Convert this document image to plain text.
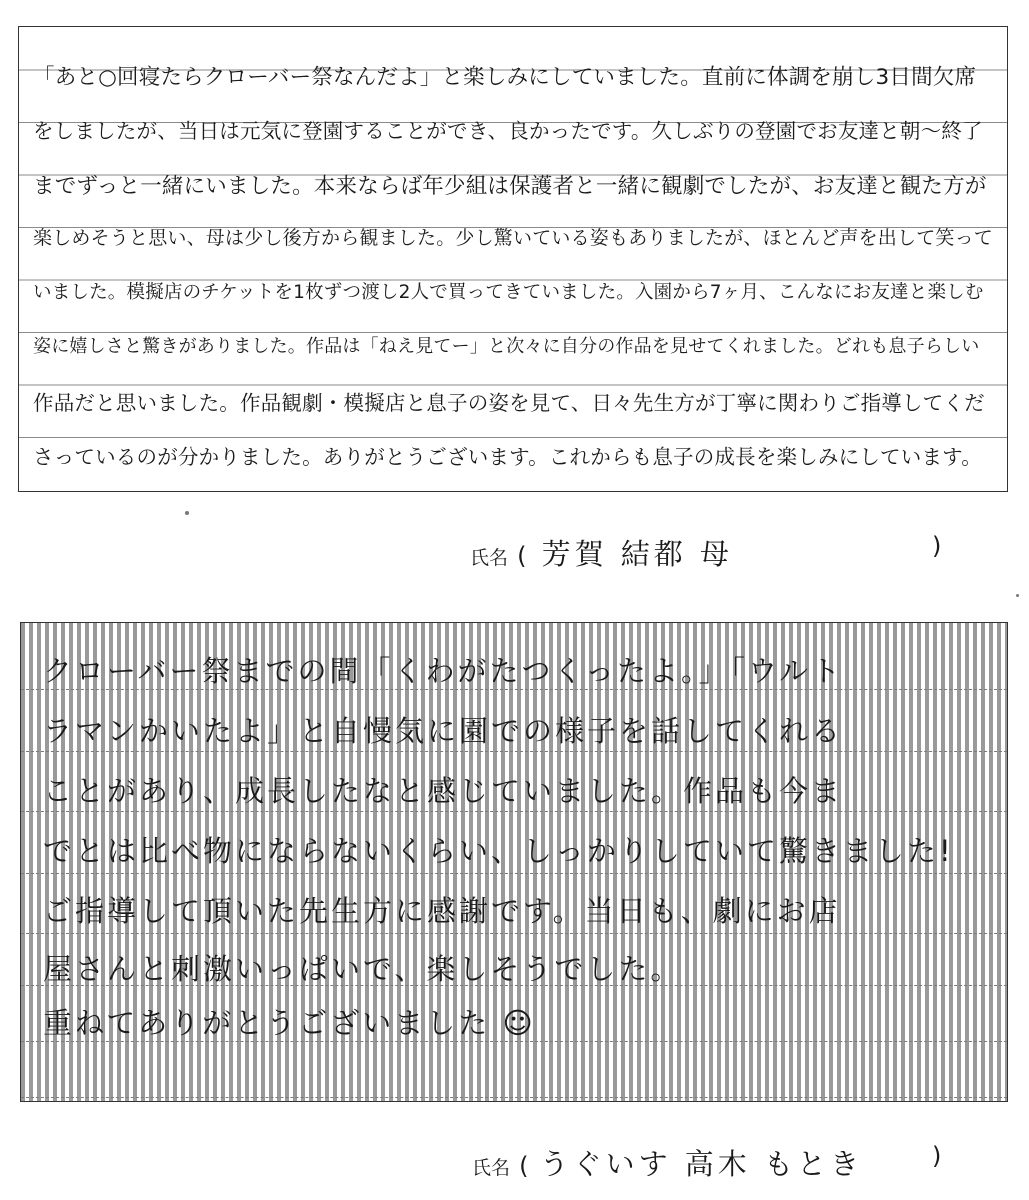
「あと○回寝たらクローバー祭なんだよ」と楽しみにしていました。直前に体調を崩し3日間欠席
をしましたが、当日は元気に登園することができ、良かったです。久しぶりの登園でお友達と朝〜終了
までずっと一緒にいました。本来ならば年少組は保護者と一緒に観劇でしたが、お友達と観た方が
楽しめそうと思い、母は少し後方から観ました。少し驚いている姿もありましたが、ほとんど声を出して笑って
いました。模擬店のチケットを1枚ずつ渡し2人で買ってきていました。入園から7ヶ月、こんなにお友達と楽しむ
姿に嬉しさと驚きがありました。作品は「ねえ見てー」と次々に自分の作品を見せてくれました。どれも息子らしい
作品だと思いました。作品観劇・模擬店と息子の姿を見て、日々先生方が丁寧に関わりご指導してくだ
さっているのが分かりました。ありがとうございます。これからも息子の成長を楽しみにしています。
氏名 ( 芳賀 結都 母	)
クローバー祭までの間「くわがたつくったよ。」「ウルト
ラマンかいたよ」と自慢気に園での様子を話してくれる
ことがあり、成長したなと感じていました。作品も今ま
でとは比べ物にならないくらい、しっかりしていて驚きました!
ご指導して頂いた先生方に感謝です。当日も、劇にお店
屋さんと刺激いっぱいで、楽しそうでした。
重ねてありがとうございました ☺
氏名 ( うぐいす 高木 もとき	)
